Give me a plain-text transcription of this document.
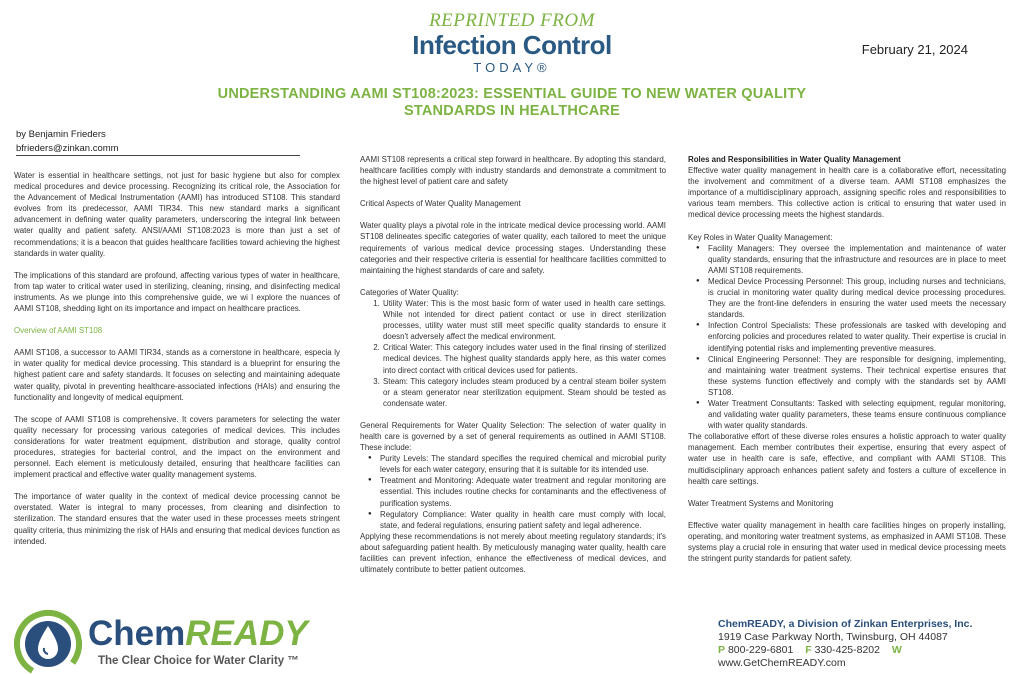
REPRINTED FROM
Infection Control
TODAY®
February 21, 2024
UNDERSTANDING AAMI ST108:2023: ESSENTIAL GUIDE TO NEW WATER QUALITY
STANDARDS IN HEALTHCARE
by Benjamin Frieders
bfrieders@zinkan.comm

Water is essential in healthcare settings, not just for basic hygiene but also for complex medical procedures and device processing. Recognizing its critical role, the Association for the Advancement of Medical Instrumentation (AAMI) has introduced ST108. This standard evolves from its predecessor, AAMI TIR34. This new standard marks a significant advancement in defining water quality parameters, underscoring the integral link between water quality and patient safety. ANSI/AAMI ST108:2023 is more than just a set of recommendations; it is a beacon that guides healthcare facilities toward achieving the highest standards in water quality.

The implications of this standard are profound, affecting various types of water in healthcare, from tap water to critical water used in sterilizing, cleaning, rinsing, and disinfecting medical instruments. As we plunge into this comprehensive guide, we wi l explore the nuances of AAMI ST108, shedding light on its importance and impact on healthcare practices.

Overview of AAMI ST108

AAMI ST108, a successor to AAMI TIR34, stands as a cornerstone in healthcare, especia ly in water quality for medical device processing. This standard is a blueprint for ensuring the highest patient care and safety standards. It focuses on selecting and maintaining adequate water quality, pivotal in preventing healthcare-associated infections (HAIs) and ensuring the functionality and longevity of medical equipment.

The scope of AAMI ST108 is comprehensive. It covers parameters for selecting the water quality necessary for processing various categories of medical devices. This includes considerations for water treatment equipment, distribution and storage, quality control procedures, strategies for bacterial control, and the impact on the environment and personnel. Each element is meticulously detailed, ensuring that healthcare facilities can implement practical and effective water quality management systems.

The importance of water quality in the context of medical device processing cannot be overstated. Water is integral to many processes, from cleaning and disinfection to sterilization. The standard ensures that the water used in these processes meets stringent quality criteria, thus minimizing the risk of HAIs and ensuring that medical devices function as intended.

AAMI ST108 represents a critical step forward in healthcare. By adopting this standard, healthcare facilities comply with industry standards and demonstrate a commitment to the highest level of patient care and safety

Critical Aspects of Water Quality Management

Water quality plays a pivotal role in the intricate medical device processing world. AAMI ST108 delineates specific categories of water quality, each tailored to meet the unique requirements of various medical device processing stages. Understanding these categories and their respective criteria is essential for healthcare facilities committed to maintaining the highest standards of care and safety.

Categories of Water Quality:

1. Utility Water: This is the most basic form of water used in health care settings. While not intended for direct patient contact or use in direct sterilization processes, utility water must still meet specific quality standards to ensure it doesn't adversely affect the medical environment.
2. Critical Water: This category includes water used in the final rinsing of sterilized medical devices. The highest quality standards apply here, as this water comes into direct contact with critical devices used for patients.
3. Steam: This category includes steam produced by a central steam boiler system or a steam generator near sterilization equipment. Steam should be tested as condensate water.

General Requirements for Water Quality Selection: The selection of water quality in health care is governed by a set of general requirements as outlined in AAMI ST108. These include:

● Purity Levels: The standard specifies the required chemical and microbial purity levels for each water category, ensuring that it is suitable for its intended use.
● Treatment and Monitoring: Adequate water treatment and regular monitoring are essential. This includes routine checks for contaminants and the effectiveness of purification systems.
● Regulatory Compliance: Water quality in health care must comply with local, state, and federal regulations, ensuring patient safety and legal adherence.

Applying these recommendations is not merely about meeting regulatory standards; it's about safeguarding patient health. By meticulously managing water quality, health care facilities can prevent infection, enhance the effectiveness of medical devices, and ultimately contribute to better patient outcomes.

Roles and Responsibilities in Water Quality Management

Effective water quality management in health care is a collaborative effort, necessitating the involvement and commitment of a diverse team. AAMI ST108 emphasizes the importance of a multidisciplinary approach, assigning specific roles and responsibilities to various team members. This collective action is critical to ensuring that water used in medical device processing meets the highest standards.

Key Roles in Water Quality Management:

● Facility Managers: They oversee the implementation and maintenance of water quality standards, ensuring that the infrastructure and resources are in place to meet AAMI ST108 requirements.
● Medical Device Processing Personnel: This group, including nurses and technicians, is crucial in monitoring water quality during medical device processing procedures. They are the front-line defenders in ensuring the water used meets the necessary standards.
● Infection Control Specialists: These professionals are tasked with developing and enforcing policies and procedures related to water quality. Their expertise is crucial in identifying potential risks and implementing preventive measures.
● Clinical Engineering Personnel: They are responsible for designing, implementing, and maintaining water treatment systems. Their technical expertise ensures that these systems function effectively and comply with the standards set by AAMI ST108.
● Water Treatment Consultants: Tasked with selecting equipment, regular monitoring, and validating water quality parameters, these teams ensure continuous compliance with water quality standards.

The collaborative effort of these diverse roles ensures a holistic approach to water quality management. Each member contributes their expertise, ensuring that every aspect of water use in health care is safe, effective, and compliant with AAMI ST108. This multidisciplinary approach enhances patient safety and fosters a culture of excellence in health care settings.

Water Treatment Systems and Monitoring

Effective water quality management in health care facilities hinges on properly installing, operating, and monitoring water treatment systems, as emphasized in AAMI ST108. These systems play a crucial role in ensuring that water used in medical device processing meets the stringent purity standards for patient safety.

ChemREADY
The Clear Choice for Water Clarity ™
ChemREADY, a Division of Zinkan Enterprises, Inc.
1919 Case Parkway North, Twinsburg, OH 44087
P 800-229-6801 F 330-425-8202 W www.GetChemREADY.com
